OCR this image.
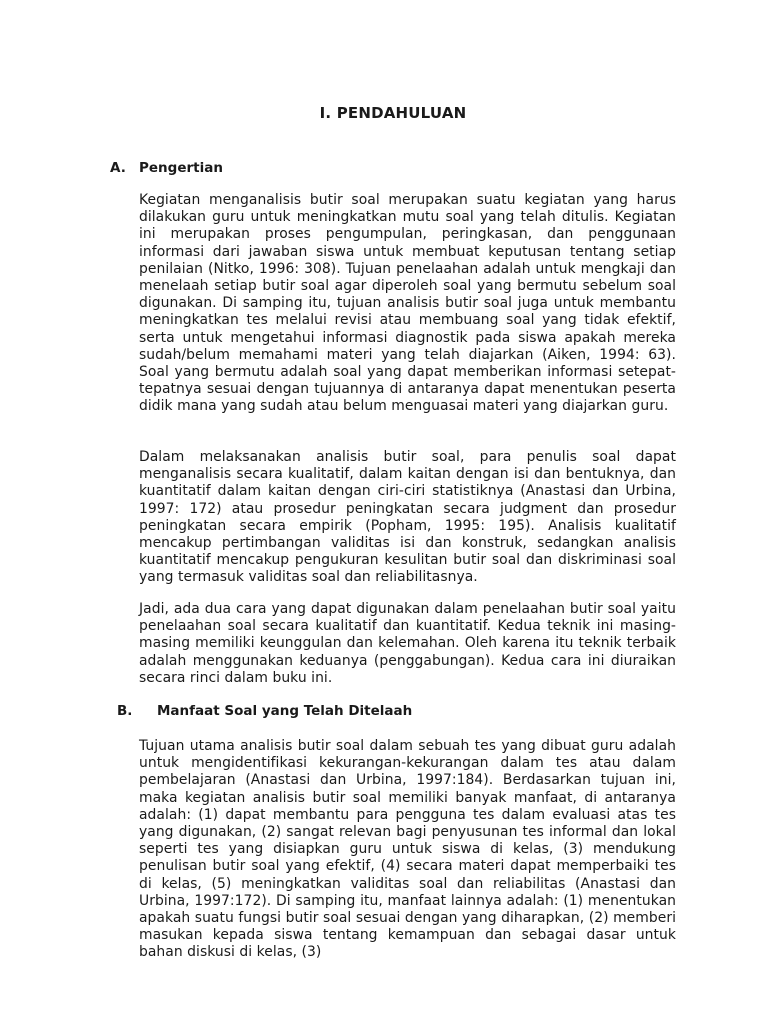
I. PENDAHULUAN
A. Pengertian

Kegiatan menganalisis butir soal merupakan suatu kegiatan yang harus dilakukan guru untuk meningkatkan mutu soal yang telah ditulis. Kegiatan ini merupakan proses pengumpulan, peringkasan, dan penggunaan informasi dari jawaban siswa untuk membuat keputusan tentang setiap penilaian (Nitko, 1996: 308). Tujuan penelaahan adalah untuk mengkaji dan menelaah setiap butir soal agar diperoleh soal yang bermutu sebelum soal digunakan. Di samping itu, tujuan analisis butir soal juga untuk membantu meningkatkan tes melalui revisi atau membuang soal yang tidak efektif, serta untuk mengetahui informasi diagnostik pada siswa apakah mereka sudah/belum memahami materi yang telah diajarkan (Aiken, 1994: 63). Soal yang bermutu adalah soal yang dapat memberikan informasi setepat-tepatnya sesuai dengan tujuannya di antaranya dapat menentukan peserta didik mana yang sudah atau belum menguasai materi yang diajarkan guru.

Dalam melaksanakan analisis butir soal, para penulis soal dapat menganalisis secara kualitatif, dalam kaitan dengan isi dan bentuknya, dan kuantitatif dalam kaitan dengan ciri-ciri statistiknya (Anastasi dan Urbina, 1997: 172) atau prosedur peningkatan secara judgment dan prosedur peningkatan secara empirik (Popham, 1995: 195). Analisis kualitatif mencakup pertimbangan validitas isi dan konstruk, sedangkan analisis kuantitatif mencakup pengukuran kesulitan butir soal dan diskriminasi soal yang termasuk validitas soal dan reliabilitasnya.

Jadi, ada dua cara yang dapat digunakan dalam penelaahan butir soal yaitu penelaahan soal secara kualitatif dan kuantitatif. Kedua teknik ini masing-masing memiliki keunggulan dan kelemahan. Oleh karena itu teknik terbaik adalah menggunakan keduanya (penggabungan). Kedua cara ini diuraikan secara rinci dalam buku ini.

B. Manfaat Soal yang Telah Ditelaah

Tujuan utama analisis butir soal dalam sebuah tes yang dibuat guru adalah untuk mengidentifikasi kekurangan-kekurangan dalam tes atau dalam pembelajaran (Anastasi dan Urbina, 1997:184). Berdasarkan tujuan ini, maka kegiatan analisis butir soal memiliki banyak manfaat, di antaranya adalah: (1) dapat membantu para pengguna tes dalam evaluasi atas tes yang digunakan, (2) sangat relevan bagi penyusunan tes informal dan lokal seperti tes yang disiapkan guru untuk siswa di kelas, (3) mendukung penulisan butir soal yang efektif, (4) secara materi dapat memperbaiki tes di kelas, (5) meningkatkan validitas soal dan reliabilitas (Anastasi dan Urbina, 1997:172). Di samping itu, manfaat lainnya adalah: (1) menentukan apakah suatu fungsi butir soal sesuai dengan yang diharapkan, (2) memberi masukan kepada siswa tentang kemampuan dan sebagai dasar untuk bahan diskusi di kelas, (3)
